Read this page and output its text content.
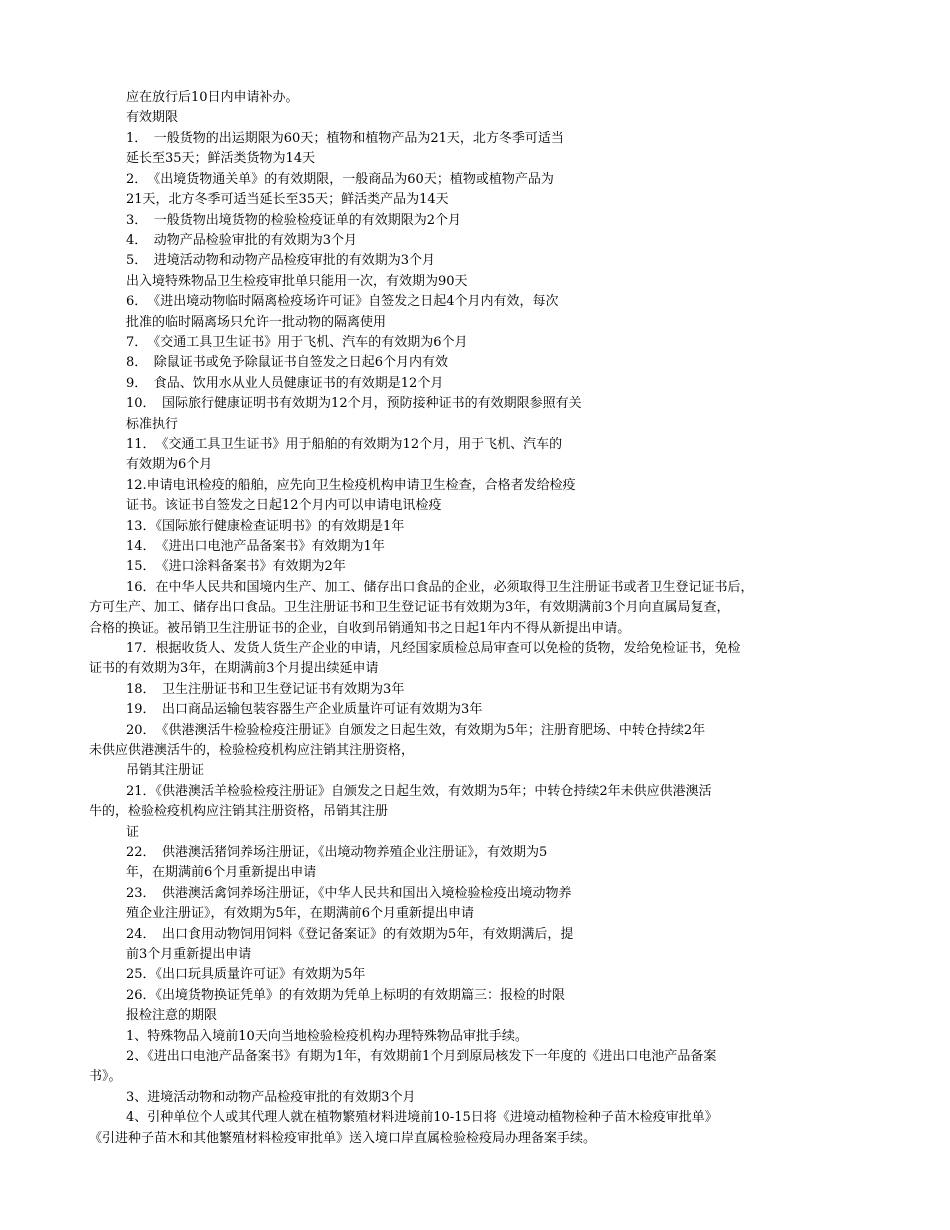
应在放行后10日内申请补办。
有效期限
1．　一般货物的出运期限为60天；植物和植物产品为21天，北方冬季可适当
延长至35天；鲜活类货物为14天
2．　《出境货物通关单》的有效期限，一般商品为60天；植物或植物产品为
21天，北方冬季可适当延长至35天；鲜活类产品为14天
3．　一般货物出境货物的检验检疫证单的有效期限为2个月
4．　动物产品检验审批的有效期为3个月
5．　进境活动物和动物产品检疫审批的有效期为3个月
出入境特殊物品卫生检疫审批单只能用一次，有效期为90天
6．　《进出境动物临时隔离检疫场许可证》自签发之日起4个月内有效，每次
批准的临时隔离场只允许一批动物的隔离使用
7．　《交通工具卫生证书》用于飞机、汽车的有效期为6个月
8．　除鼠证书或免予除鼠证书自签发之日起6个月内有效
9．　食品、饮用水从业人员健康证书的有效期是12个月
10．　国际旅行健康证明书有效期为12个月，预防接种证书的有效期限参照有关
标准执行
11．　《交通工具卫生证书》用于船舶的有效期为12个月，用于飞机、汽车的
有效期为6个月
12.申请电讯检疫的船舶，应先向卫生检疫机构申请卫生检查，合格者发给检疫
证书。该证书自签发之日起12个月内可以申请电讯检疫
13．《国际旅行健康检查证明书》的有效期是1年
14．　《进出口电池产品备案书》有效期为1年
15．　《进口涂料备案书》有效期为2年
16．在中华人民共和国境内生产、加工、储存出口食品的企业，必须取得卫生注册证书或者卫生登记证书后，
方可生产、加工、储存出口食品。卫生注册证书和卫生登记证书有效期为3年，有效期满前3个月向直属局复查，
合格的换证。被吊销卫生注册证书的企业，自收到吊销通知书之日起1年内不得从新提出申请。
17．根据收货人、发货人货生产企业的申请，凡经国家质检总局审查可以免检的货物，发给免检证书，免检
证书的有效期为3年，在期满前3个月提出续延申请
18．　卫生注册证书和卫生登记证书有效期为3年
19．　出口商品运输包装容器生产企业质量许可证有效期为3年
20．　《供港澳活牛检验检疫注册证》自颁发之日起生效，有效期为5年；注册育肥场、中转仓持续2年
未供应供港澳活牛的，检验检疫机构应注销其注册资格，
吊销其注册证
21．《供港澳活羊检验检疫注册证》自颁发之日起生效，有效期为5年；中转仓持续2年未供应供港澳活
牛的，检验检疫机构应注销其注册资格，吊销其注册
证
22．　供港澳活猪饲养场注册证，《出境动物养殖企业注册证》，有效期为5
年，在期满前6个月重新提出申请
23．　供港澳活禽饲养场注册证，《中华人民共和国出入境检验检疫出境动物养
殖企业注册证》，有效期为5年，在期满前6个月重新提出申请
24．　出口食用动物饲用饲料《登记备案证》的有效期为5年，有效期满后，提
前3个月重新提出申请
25．《出口玩具质量许可证》有效期为5年
26．《出境货物换证凭单》的有效期为凭单上标明的有效期篇三：报检的时限
报检注意的期限
1、特殊物品入境前10天向当地检验检疫机构办理特殊物品审批手续。
2、《进出口电池产品备案书》有期为1年，有效期前1个月到原局核发下一年度的《进出口电池产品备案
书》。
3、进境活动物和动物产品检疫审批的有效期3个月
4、引种单位个人或其代理人就在植物繁殖材料进境前10-15日将《进境动植物检种子苗木检疫审批单》
《引进种子苗木和其他繁殖材料检疫审批单》送入境口岸直属检验检疫局办理备案手续。
